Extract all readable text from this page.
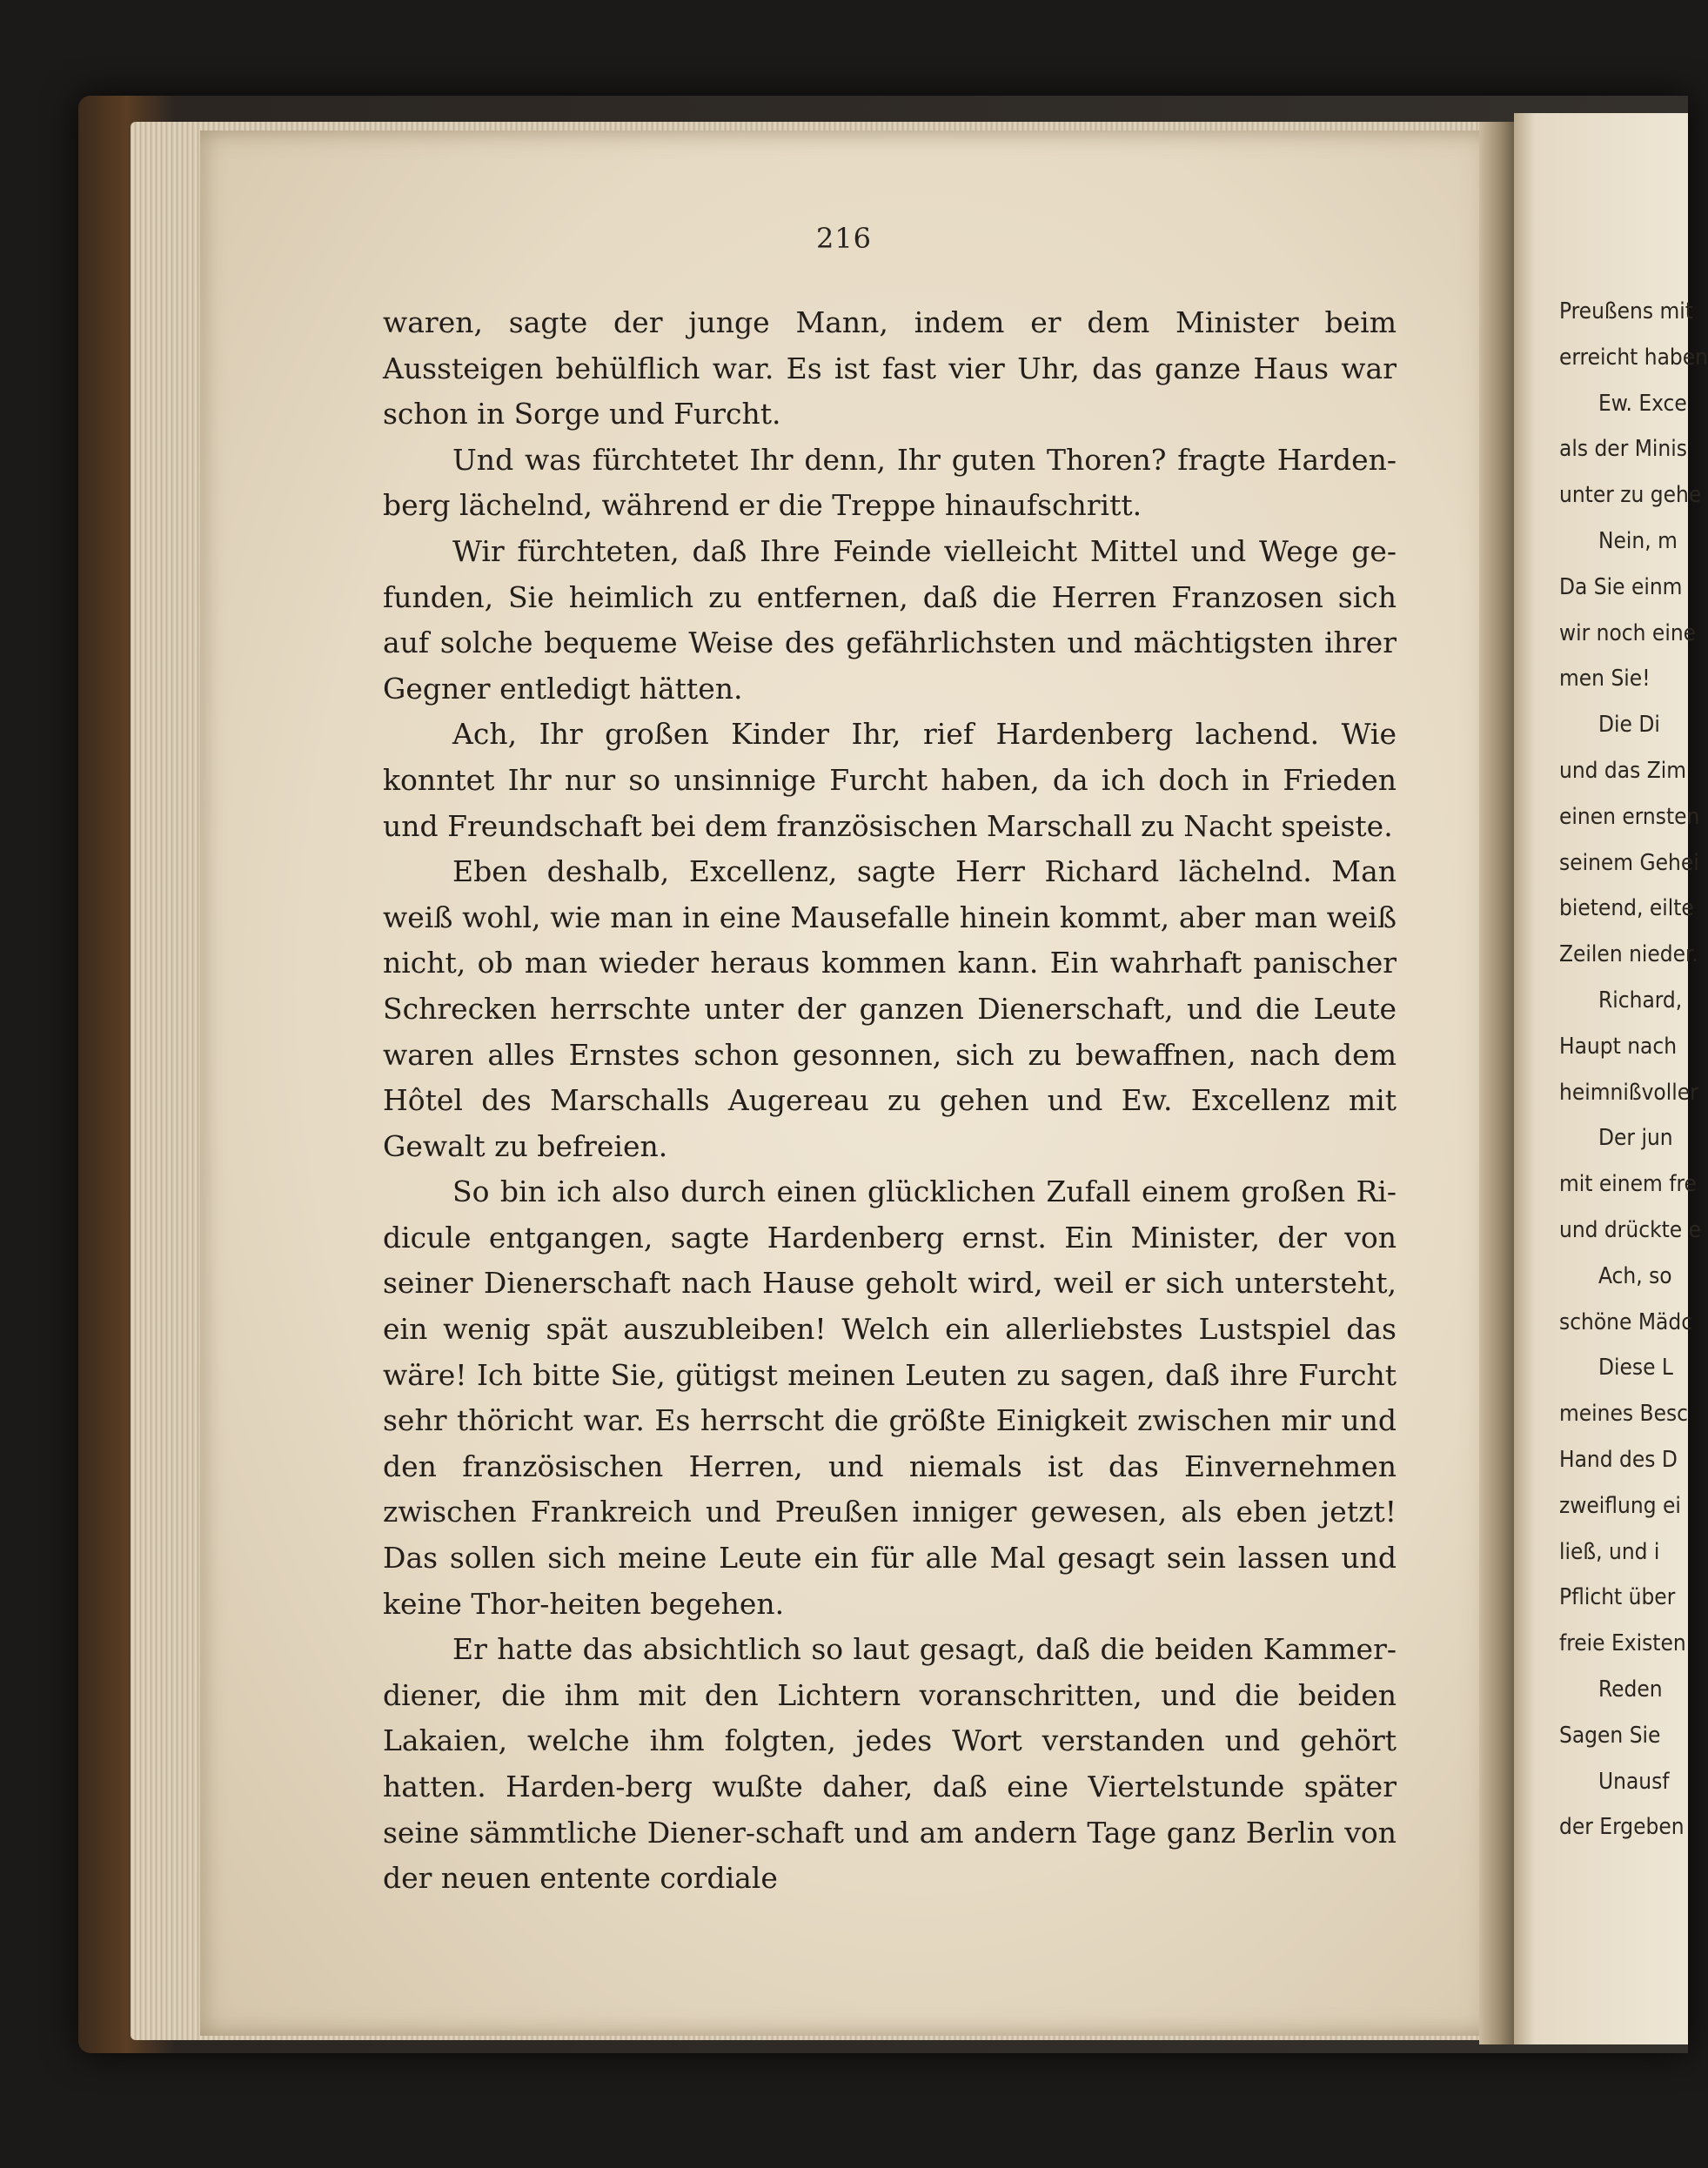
216

waren, sagte der junge Mann, indem er dem Minister beim Aussteigen behülflich war. Es ist fast vier Uhr, das ganze Haus war schon in Sorge und Furcht.

Und was fürchtetet Ihr denn, Ihr guten Thoren? fragte Harden-berg lächelnd, während er die Treppe hinaufschritt.

Wir fürchteten, daß Ihre Feinde vielleicht Mittel und Wege ge-funden, Sie heimlich zu entfernen, daß die Herren Franzosen sich auf solche bequeme Weise des gefährlichsten und mächtigsten ihrer Gegner entledigt hätten.

Ach, Ihr großen Kinder Ihr, rief Hardenberg lachend. Wie konntet Ihr nur so unsinnige Furcht haben, da ich doch in Frieden und Freundschaft bei dem französischen Marschall zu Nacht speiste.

Eben deshalb, Excellenz, sagte Herr Richard lächelnd. Man weiß wohl, wie man in eine Mausefalle hinein kommt, aber man weiß nicht, ob man wieder heraus kommen kann. Ein wahrhaft panischer Schrecken herrschte unter der ganzen Dienerschaft, und die Leute waren alles Ernstes schon gesonnen, sich zu bewaffnen, nach dem Hôtel des Marschalls Augereau zu gehen und Ew. Excellenz mit Gewalt zu befreien.

So bin ich also durch einen glücklichen Zufall einem großen Ri-dicule entgangen, sagte Hardenberg ernst. Ein Minister, der von seiner Dienerschaft nach Hause geholt wird, weil er sich untersteht, ein wenig spät auszubleiben! Welch ein allerliebstes Lustspiel das wäre! Ich bitte Sie, gütigst meinen Leuten zu sagen, daß ihre Furcht sehr thöricht war. Es herrscht die größte Einigkeit zwischen mir und den französischen Herren, und niemals ist das Einvernehmen zwischen Frankreich und Preußen inniger gewesen, als eben jetzt! Das sollen sich meine Leute ein für alle Mal gesagt sein lassen und keine Thor-heiten begehen.

Er hatte das absichtlich so laut gesagt, daß die beiden Kammer-diener, die ihm mit den Lichtern voranschritten, und die beiden Lakaien, welche ihm folgten, jedes Wort verstanden und gehört hatten. Harden-berg wußte daher, daß eine Viertelstunde später seine sämmtliche Diener-schaft und am andern Tage ganz Berlin von der neuen entente cordiale

Preußens mit
erreicht haben
Ew. Exce
als der Minis
unter zu gehe
Nein, m
Da Sie einm
wir noch eine
men Sie!
Die Di
und das Zim
einen ernsten
seinem Gehei
bietend, eilte
Zeilen nieder.
Richard,
Haupt nach
heimnißvoller
Der jun
mit einem fre
und drückte e
Ach, so
schöne Mädc
Diese L
meines Besc
Hand des D
zweiflung ei
ließ, und i
Pflicht über
freie Existen
Reden
Sagen Sie
Unausf
der Ergeben
